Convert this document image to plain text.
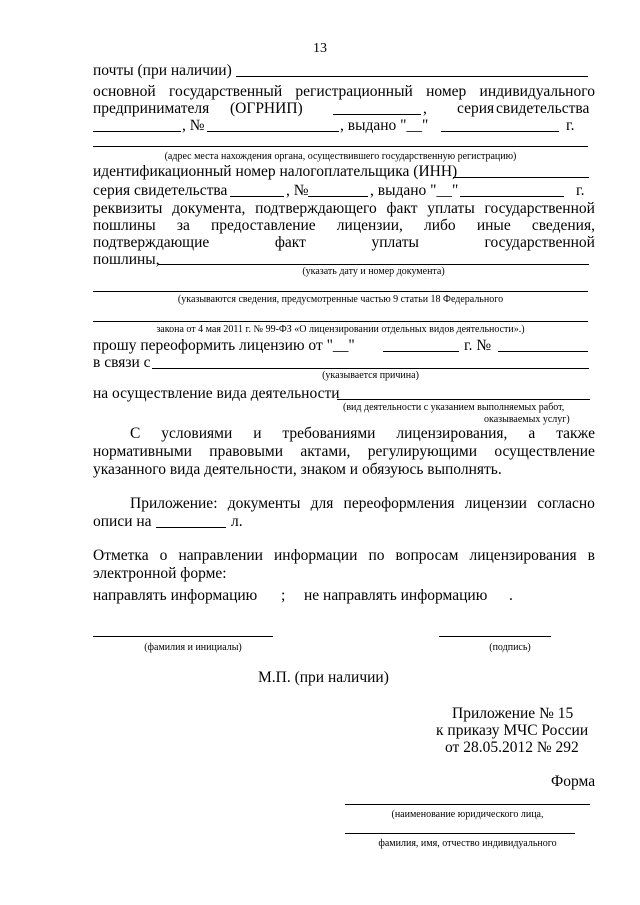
13
почты (при наличии)
основной государственный регистрационный номер индивидуального
предпринимателя (ОГРНИП)	, серия свидетельства
, №	, выдано "__"	г.
(адрес места нахождения органа, осуществившего государственную регистрацию)
идентификационный номер налогоплательщика (ИНН)
серия свидетельства	, №	, выдано "__"	г.
реквизиты документа, подтверждающего факт уплаты государственной
пошлины за предоставление лицензии, либо иные сведения,
подтверждающие	факт	уплаты	государственной
пошлины,
(указать дату и номер документа)
(указываются сведения, предусмотренные частью 9 статьи 18 Федерального
закона от 4 мая 2011 г. № 99-ФЗ «О лицензировании отдельных видов деятельности».)
прошу переоформить лицензию от "__"	г. №
в связи с
(указывается причина)
на осуществление вида деятельности
(вид деятельности с указанием выполняемых работ,
оказываемых услуг)
С условиями и требованиями лицензирования, а также
нормативными правовыми актами, регулирующими осуществление
указанного вида деятельности, знаком и обязуюсь выполнять.
Приложение: документы для переоформления лицензии согласно
описи на	л.
Отметка о направлении информации по вопросам лицензирования в
электронной форме:
направлять информацию ; не направлять информацию .
(фамилия и инициалы)	(подпись)
М.П. (при наличии)
Приложение № 15
к приказу МЧС России
от 28.05.2012 № 292
Форма
(наименование юридического лица,
фамилия, имя, отчество индивидуального
